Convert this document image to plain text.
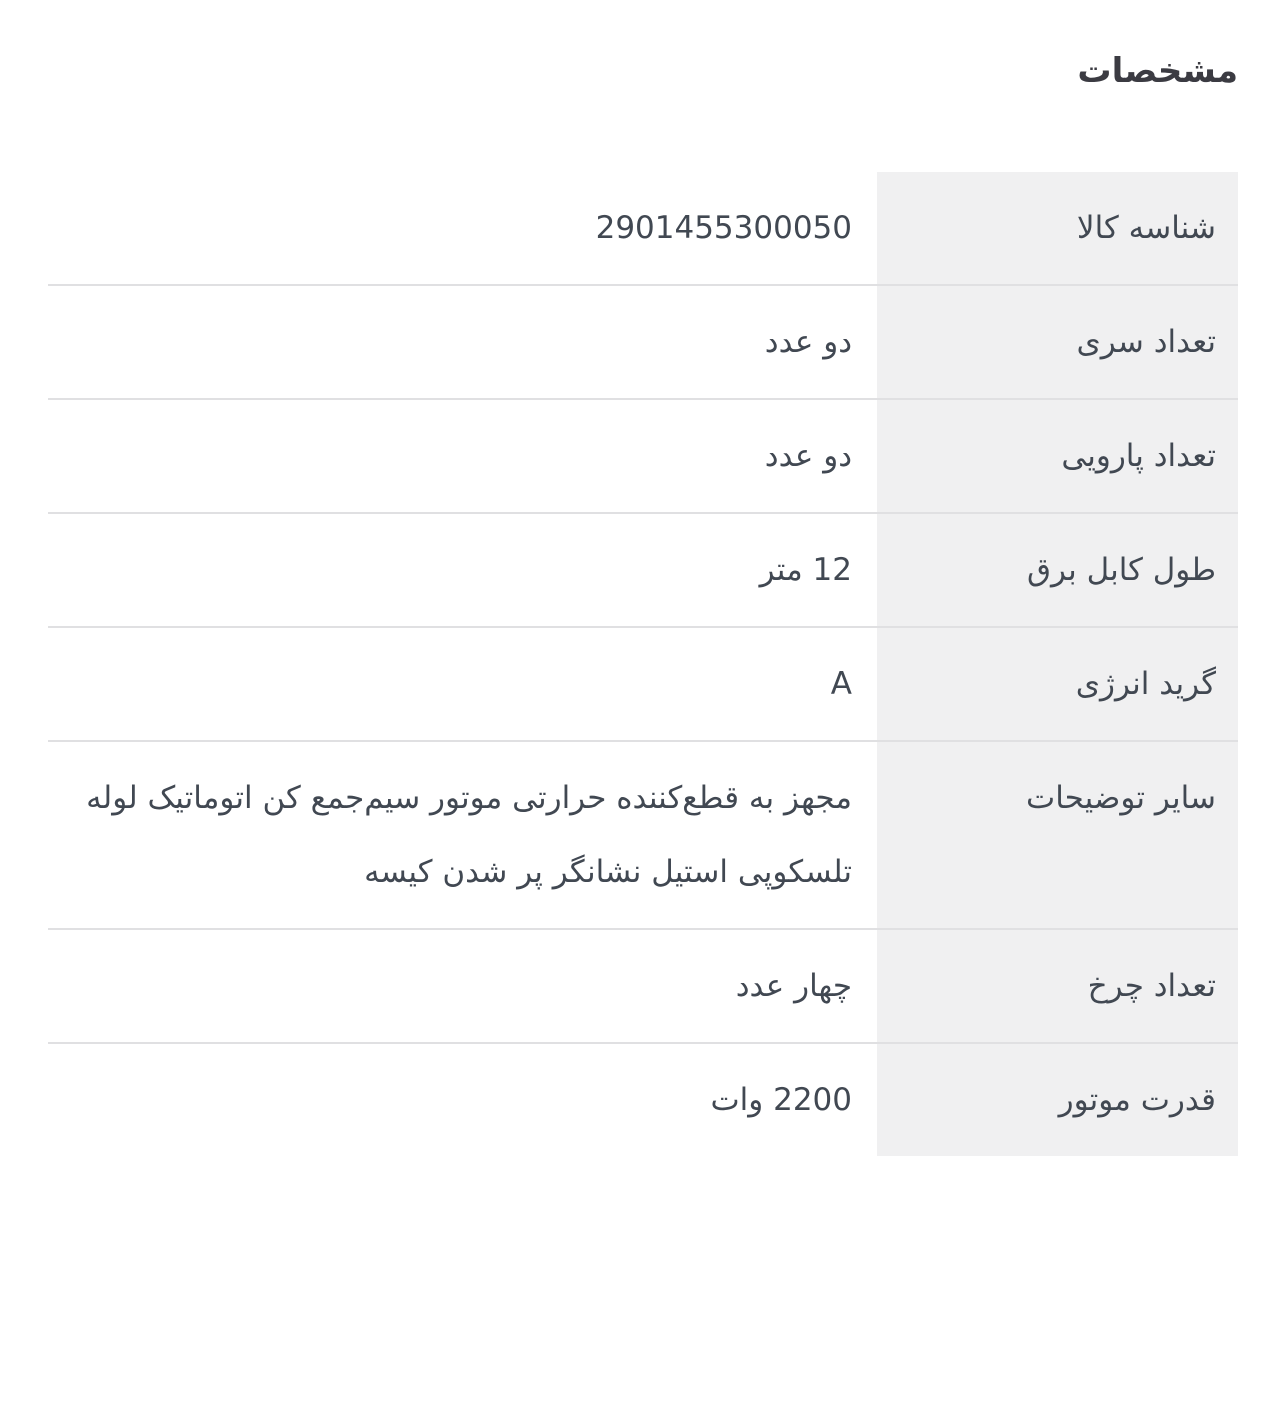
مشخصات
شناسه کالا
2901455300050
تعداد سری
دو عدد
تعداد پارویی
دو عدد
طول کابل برق
12 متر
گرید انرژی
A
سایر توضیحات
مجهز به قطع‌کننده حرارتی موتور سیم‌جمع کن اتوماتیک لوله تلسکوپی استیل نشانگر پر شدن کیسه
تعداد چرخ
چهار عدد
قدرت موتور
2200 وات
